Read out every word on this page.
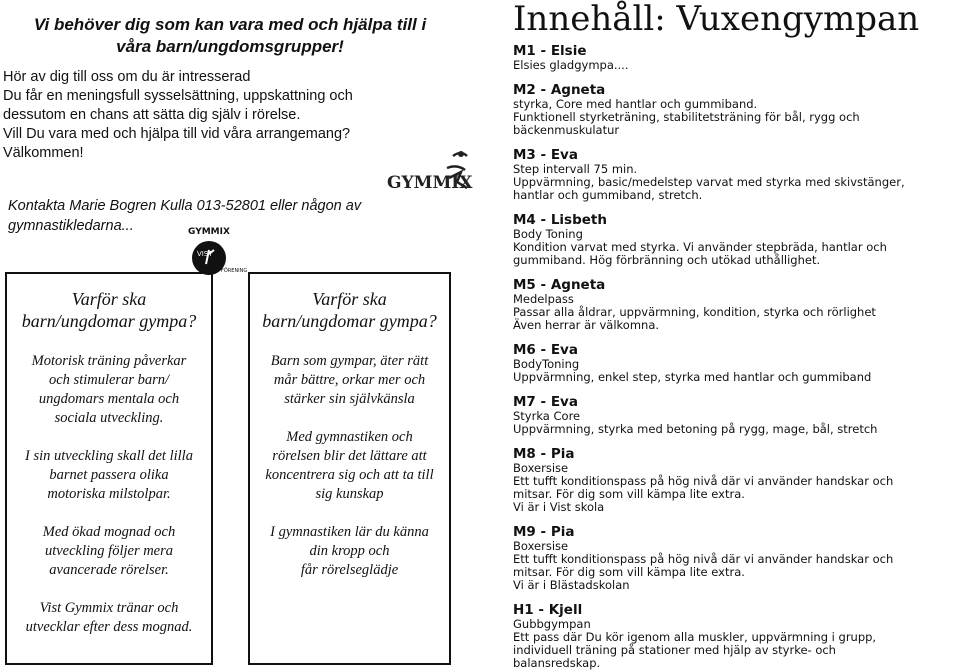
Vi behöver dig som kan vara med och hjälpa till i
våra barn/ungdomsgrupper!
Hör av dig till oss om du är intresserad
Du får en meningsfull sysselsättning, uppskattning och
dessutom en chans att sätta dig själv i rörelse.
Vill Du vara med och hjälpa till vid våra arrangemang?
Välkommen!
Kontakta Marie Bogren Kulla 013-52801 eller någon av
gymnastikledarna...
GYMMIX
GYMMIX
VIST
FÖRENING
Varför ska
barn/ungdomar gympa?
Motorisk träning påverkar
och stimulerar barn/
ungdomars mentala och
sociala utveckling.
I sin utveckling skall det lilla
barnet passera olika
motoriska milstolpar.
Med ökad mognad och
utveckling följer mera
avancerade rörelser.
Vist Gymmix tränar och
utvecklar efter dess mognad.
Varför ska
barn/ungdomar gympa?
Barn som gympar, äter rätt
mår bättre, orkar mer och
stärker sin självkänsla
Med gymnastiken och
rörelsen blir det lättare att
koncentrera sig och att ta till
sig kunskap
I gymnastiken lär du känna
din kropp och
får rörelseglädje
Innehåll: Vuxengympan
M1 - Elsie
Elsies gladgympa....
M2 - Agneta
styrka, Core med hantlar och gummiband.
Funktionell styrketräning, stabilitetsträning för bål, rygg och
bäckenmuskulatur
M3 - Eva
Step intervall 75 min.
Uppvärmning, basic/medelstep varvat med styrka med skivstänger,
hantlar och gummiband, stretch.
M4 - Lisbeth
Body Toning
Kondition varvat med styrka. Vi använder stepbräda, hantlar och
gummiband. Hög förbränning och utökad uthållighet.
M5 - Agneta
Medelpass
Passar alla åldrar, uppvärmning, kondition, styrka och rörlighet
Även herrar är välkomna.
M6 - Eva
BodyToning
Uppvärmning, enkel step, styrka med hantlar och gummiband
M7 - Eva
Styrka Core
Uppvärmning, styrka med betoning på rygg, mage, bål, stretch
M8 - Pia
Boxersise
Ett tufft konditionspass på hög nivå där vi använder handskar och
mitsar. För dig som vill kämpa lite extra.
Vi är i Vist skola
M9 - Pia
Boxersise
Ett tufft konditionspass på hög nivå där vi använder handskar och
mitsar. För dig som vill kämpa lite extra.
Vi är i Blästadskolan
H1 - Kjell
Gubbgympan
Ett pass där Du kör igenom alla muskler, uppvärmning i grupp,
individuell träning på stationer med hjälp av styrke- och
balansredskap.
